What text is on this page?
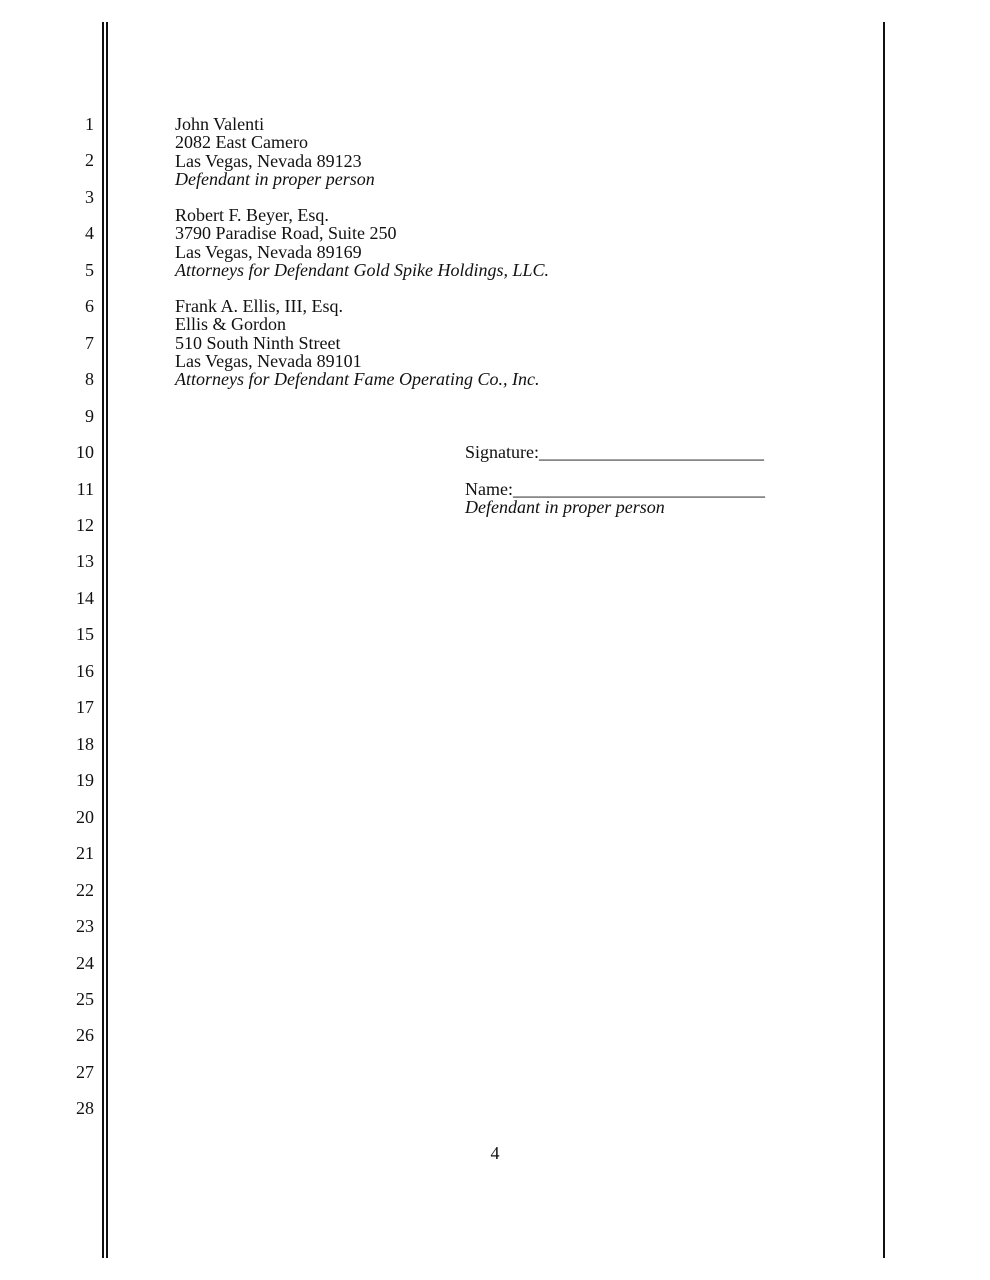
1
2
3
4
5
6
7
8
9
10
11
12
13
14
15
16
17
18
19
20
21
22
23
24
25
26
27
28
John Valenti
2082 East Camero
Las Vegas, Nevada 89123
Defendant in proper person
Robert F. Beyer, Esq.
3790 Paradise Road, Suite 250
Las Vegas, Nevada 89169
Attorneys for Defendant Gold Spike Holdings, LLC.
Frank A. Ellis, III, Esq.
Ellis & Gordon
510 South Ninth Street
Las Vegas, Nevada 89101
Attorneys for Defendant Fame Operating Co., Inc.
Signature:_________________________
Name:____________________________
Defendant in proper person
4
